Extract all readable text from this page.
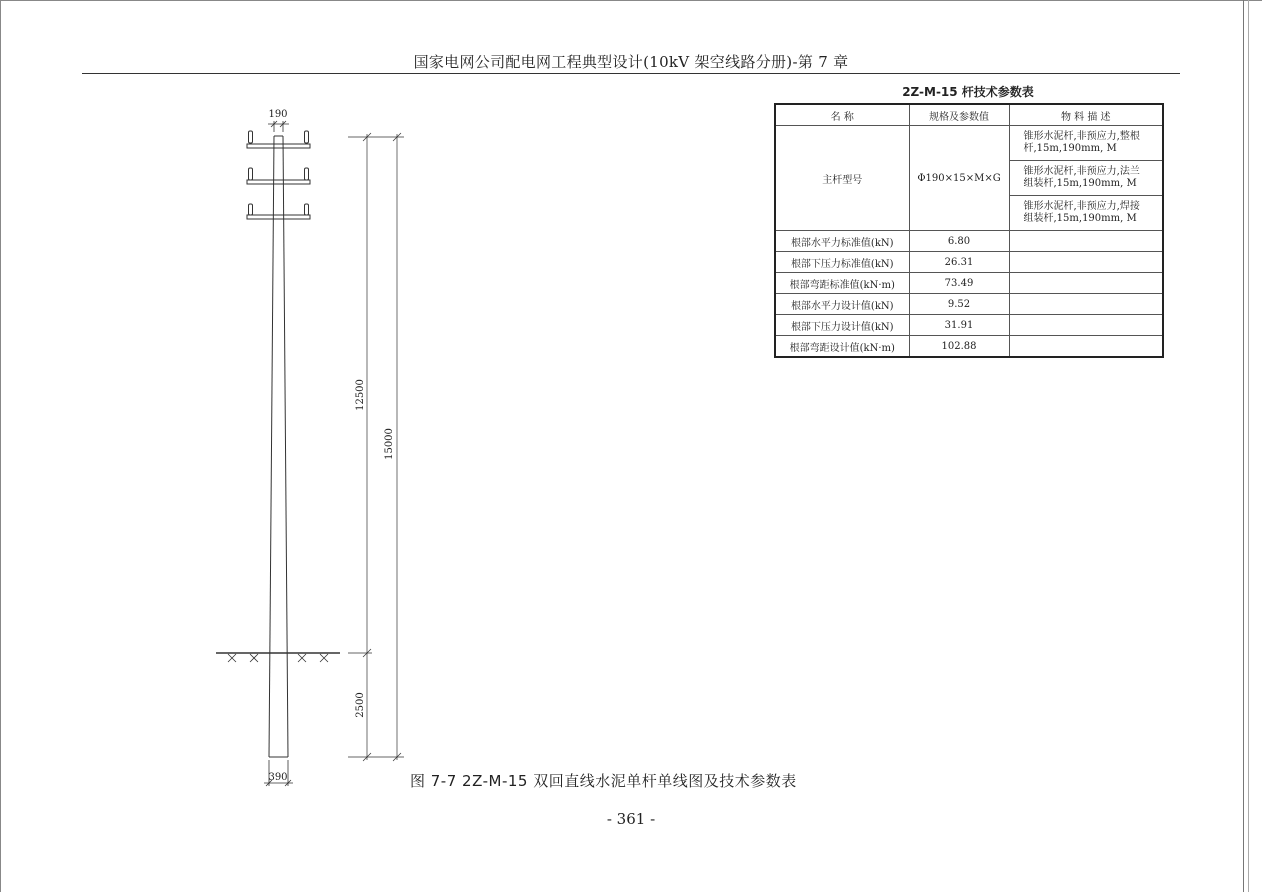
国家电网公司配电网工程典型设计(10kV 架空线路分册)-第 7 章
190
390
12500
15000
2500
2Z-M-15 杆技术参数表
名 称	规格及参数值	物 料 描 述
主杆型号	Φ190×15×M×G	锥形水泥杆,非预应力,整根
杆,15m,190mm, M

		锥形水泥杆,非预应力,法兰
组装杆,15m,190mm, M

		锥形水泥杆,非预应力,焊接
组装杆,15m,190mm, M

根部水平力标准值(kN)	6.80	
根部下压力标准值(kN)	26.31	
根部弯距标准值(kN·m)	73.49	
根部水平力设计值(kN)	9.52	
根部下压力设计值(kN)	31.91	
根部弯距设计值(kN·m)	102.88	
图 7-7 2Z-M-15 双回直线水泥单杆单线图及技术参数表
- 361 -
